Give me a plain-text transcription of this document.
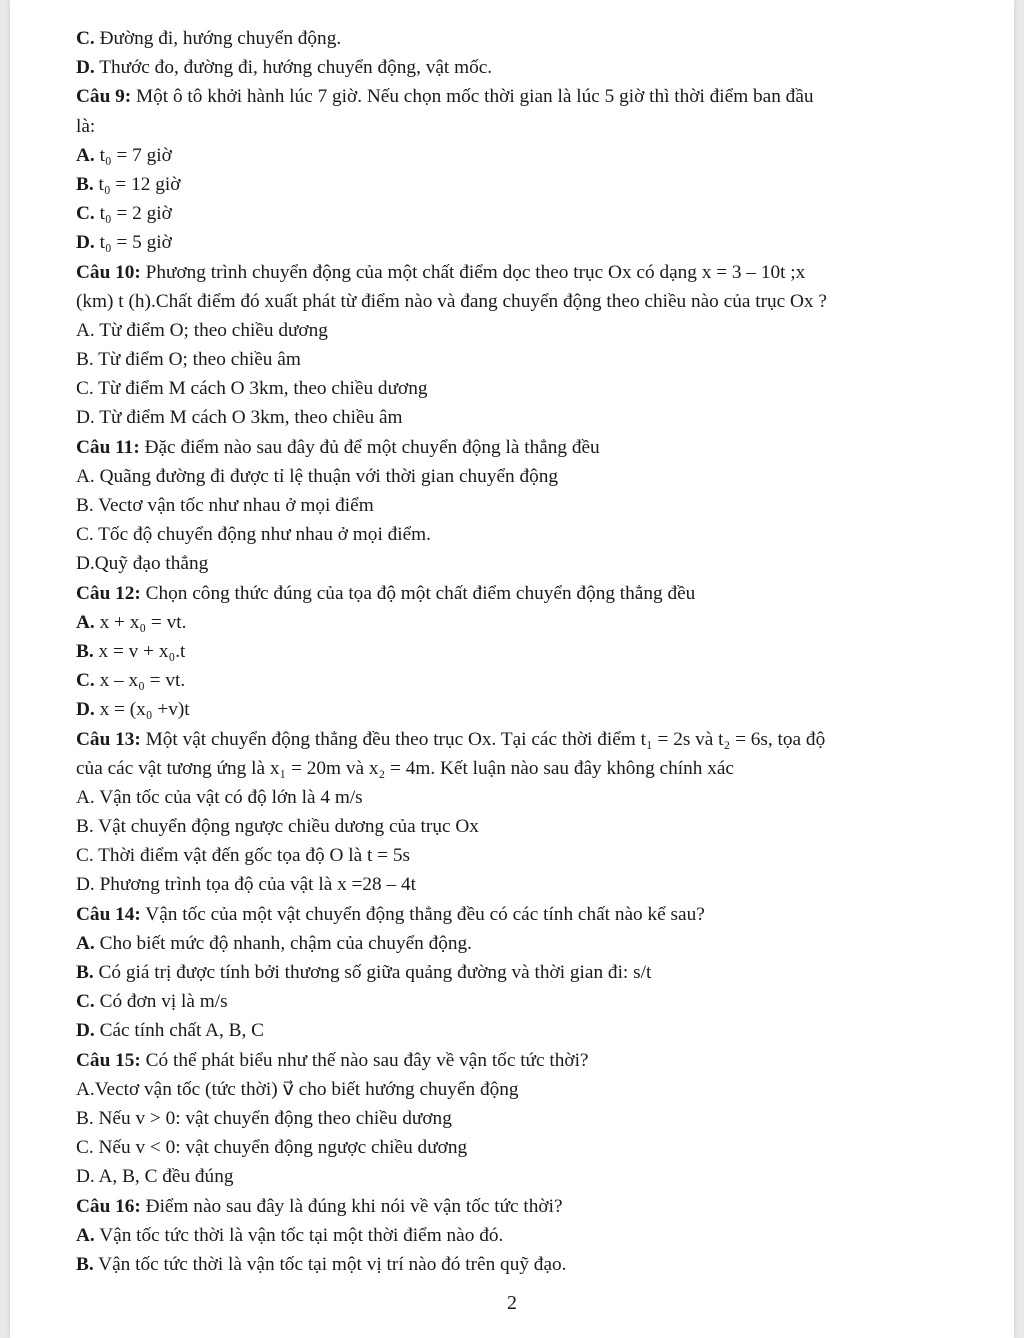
C. Đường đi, hướng chuyển động.
D. Thước đo, đường đi, hướng chuyển động, vật mốc.
Câu 9: Một ô tô khởi hành lúc 7 giờ. Nếu chọn mốc thời gian là lúc 5 giờ thì thời điểm ban đầu
là:
A. t₀ = 7 giờ
B. t₀ = 12 giờ
C. t₀ = 2 giờ
D. t₀ = 5 giờ
Câu 10: Phương trình chuyển động của một chất điểm dọc theo trục Ox có dạng x = 3 – 10t ;x
(km) t (h).Chất điểm đó xuất phát từ điểm nào và đang chuyển động theo chiều nào của trục Ox ?
A. Từ điểm O; theo chiều dương
B. Từ điểm O; theo chiều âm
C. Từ điểm M cách O 3km, theo chiều dương
D. Từ điểm M cách O 3km, theo chiều âm
Câu 11: Đặc điểm nào sau đây đủ để một chuyển động là thẳng đều
A. Quãng đường đi được tỉ lệ thuận với thời gian chuyển động
B. Vectơ vận tốc như nhau ở mọi điểm
C. Tốc độ chuyển động như nhau ở mọi điểm.
D.Quỹ đạo thẳng
Câu 12: Chọn công thức đúng của tọa độ một chất điểm chuyển động thẳng đều
A. x + x₀ = vt.
B. x = v + x₀.t
C. x – x₀ = vt.
D. x = (x₀ +v)t
Câu 13: Một vật chuyển động thẳng đều theo trục Ox. Tại các thời điểm t₁ = 2s và t₂ = 6s, tọa độ
của các vật tương ứng là x₁ = 20m và x₂ = 4m. Kết luận nào sau đây không chính xác
A. Vận tốc của vật có độ lớn là 4 m/s
B. Vật chuyển động ngược chiều dương của trục Ox
C. Thời điểm vật đến gốc tọa độ O là t = 5s
D. Phương trình tọa độ của vật là x =28 – 4t
Câu 14: Vận tốc của một vật chuyển động thẳng đều có các tính chất nào kể sau?
A. Cho biết mức độ nhanh, chậm của chuyển động.
B. Có giá trị được tính bởi thương số giữa quảng đường và thời gian đi: s/t
C. Có đơn vị là m/s
D. Các tính chất A, B, C
Câu 15: Có thể phát biểu như thế nào sau đây về vận tốc tức thời?
A.Vectơ vận tốc (tức thời) v⃗ cho biết hướng chuyển động
B. Nếu v > 0: vật chuyển động theo chiều dương
C. Nếu v < 0: vật chuyển động ngược chiều dương
D. A, B, C đều đúng
Câu 16: Điểm nào sau đây là đúng khi nói về vận tốc tức thời?
A. Vận tốc tức thời là vận tốc tại một thời điểm nào đó.
B. Vận tốc tức thời là vận tốc tại một vị trí nào đó trên quỹ đạo.
2
